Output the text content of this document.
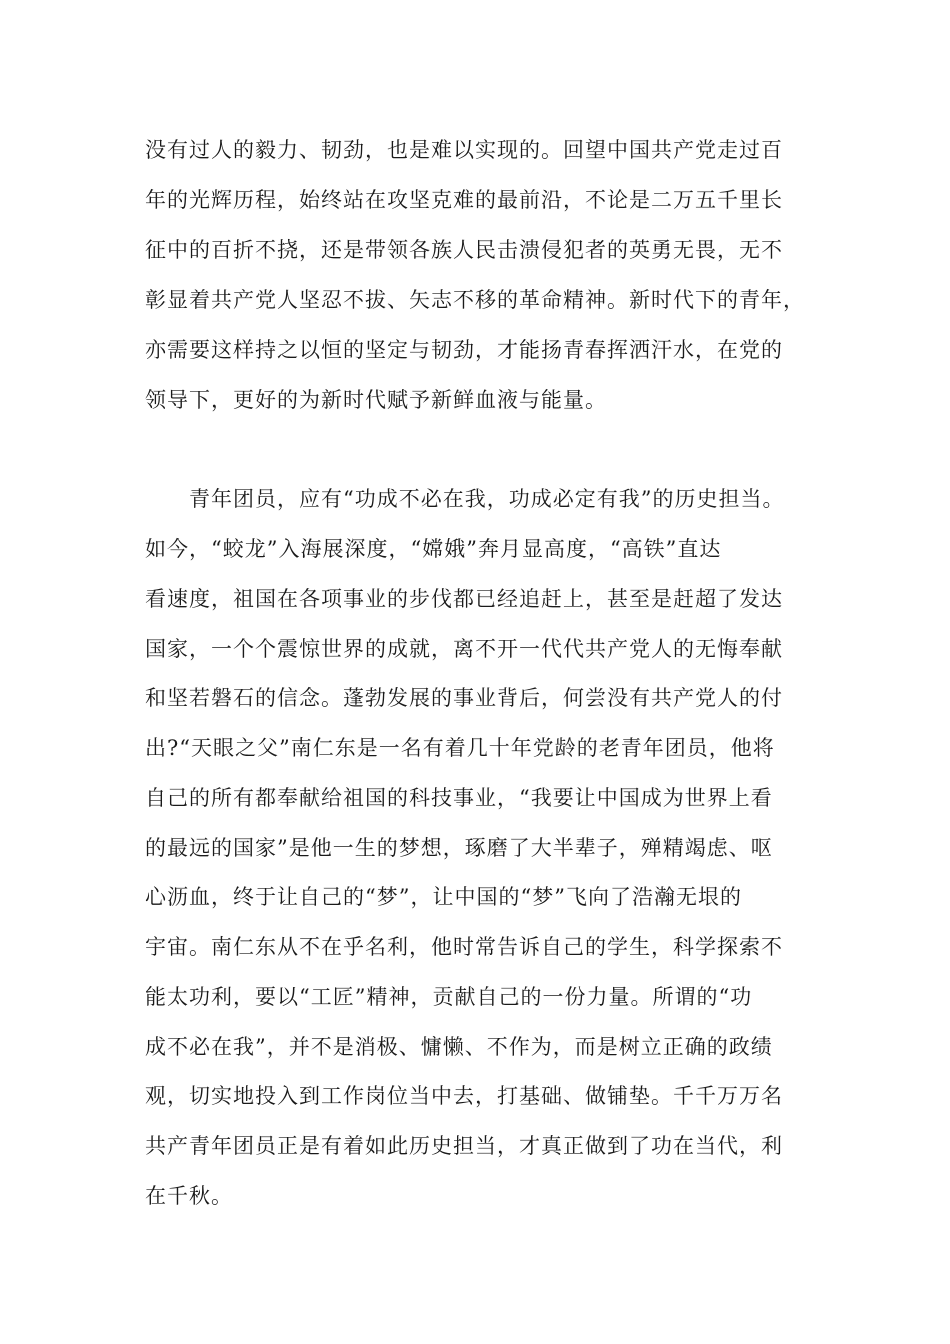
没有过人的毅力、韧劲，也是难以实现的。回望中国共产党走过百
年的光辉历程，始终站在攻坚克难的最前沿，不论是二万五千里长
征中的百折不挠，还是带领各族人民击溃侵犯者的英勇无畏，无不
彰显着共产党人坚忍不拔、矢志不移的革命精神。新时代下的青年，
亦需要这样持之以恒的坚定与韧劲，才能扬青春挥洒汗水，在党的
领导下，更好的为新时代赋予新鲜血液与能量。
　　青年团员，应有“功成不必在我，功成必定有我”的历史担当。
如今，“蛟龙”入海展深度，“嫦娥”奔月显高度，“高铁”直达
看速度，祖国在各项事业的步伐都已经追赶上，甚至是赶超了发达
国家，一个个震惊世界的成就，离不开一代代共产党人的无悔奉献
和坚若磐石的信念。蓬勃发展的事业背后，何尝没有共产党人的付
出?“天眼之父”南仁东是一名有着几十年党龄的老青年团员，他将
自己的所有都奉献给祖国的科技事业，“我要让中国成为世界上看
的最远的国家”是他一生的梦想，琢磨了大半辈子，殚精竭虑、呕
心沥血，终于让自己的“梦”，让中国的“梦”飞向了浩瀚无垠的
宇宙。南仁东从不在乎名利，他时常告诉自己的学生，科学探索不
能太功利，要以“工匠”精神，贡献自己的一份力量。所谓的“功
成不必在我”，并不是消极、慵懒、不作为，而是树立正确的政绩
观，切实地投入到工作岗位当中去，打基础、做铺垫。千千万万名
共产青年团员正是有着如此历史担当，才真正做到了功在当代，利
在千秋。
